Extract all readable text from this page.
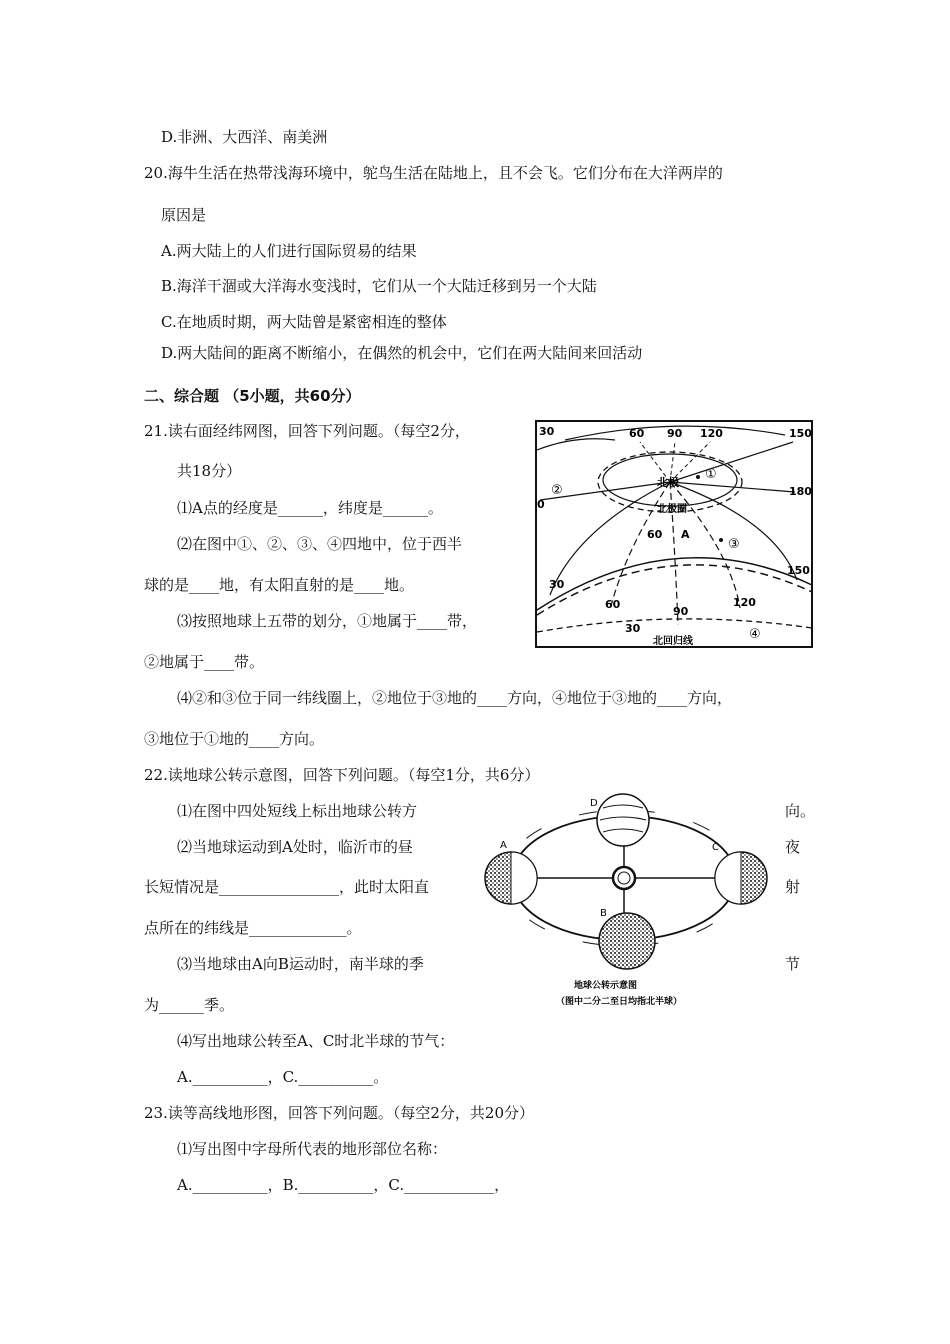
D.非洲、大西洋、南美洲
20.海牛生活在热带浅海环境中，鸵鸟生活在陆地上，且不会飞。它们分布在大洋两岸的
原因是
A.两大陆上的人们进行国际贸易的结果
B.海洋干涸或大洋海水变浅时，它们从一个大陆迁移到另一个大陆
C.在地质时期，两大陆曾是紧密相连的整体
D.两大陆间的距离不断缩小，在偶然的机会中，它们在两大陆间来回活动
二、综合题 （5小题，共60分）
21.读右面经纬网图，回答下列问题。（每空2分，
共18分）
⑴A点的经度是______，纬度是______。
⑵在图中①、②、③、④四地中，位于西半
球的是____地，有太阳直射的是____地。
⑶按照地球上五带的划分，①地属于____带，
②地属于____带。
⑷②和③位于同一纬线圈上，②地位于③地的____方向，④地位于③地的____方向，
③地位于①地的____方向。
30	60 90 120	150
180
0
北极
北极圈
60 A
①
②
③
④
30
60
90
120
150
30
北回归线
22.读地球公转示意图，回答下列问题。（每空1分，共6分）
⑴在图中四处短线上标出地球公转方	向。
⑵当地球运动到A处时，临沂市的昼	夜
长短情况是________________，此时太阳直	射
点所在的纬线是_____________。
⑶当地球由A向B运动时，南半球的季	节
为______季。
⑷写出地球公转至A、C时北半球的节气：
A.__________，C.__________。
A
B
C
D
地球公转示意图
（图中二分二至日均指北半球）
23.读等高线地形图，回答下列问题。（每空2分，共20分）
⑴写出图中字母所代表的地形部位名称：
A.__________，B.__________，C.____________，
